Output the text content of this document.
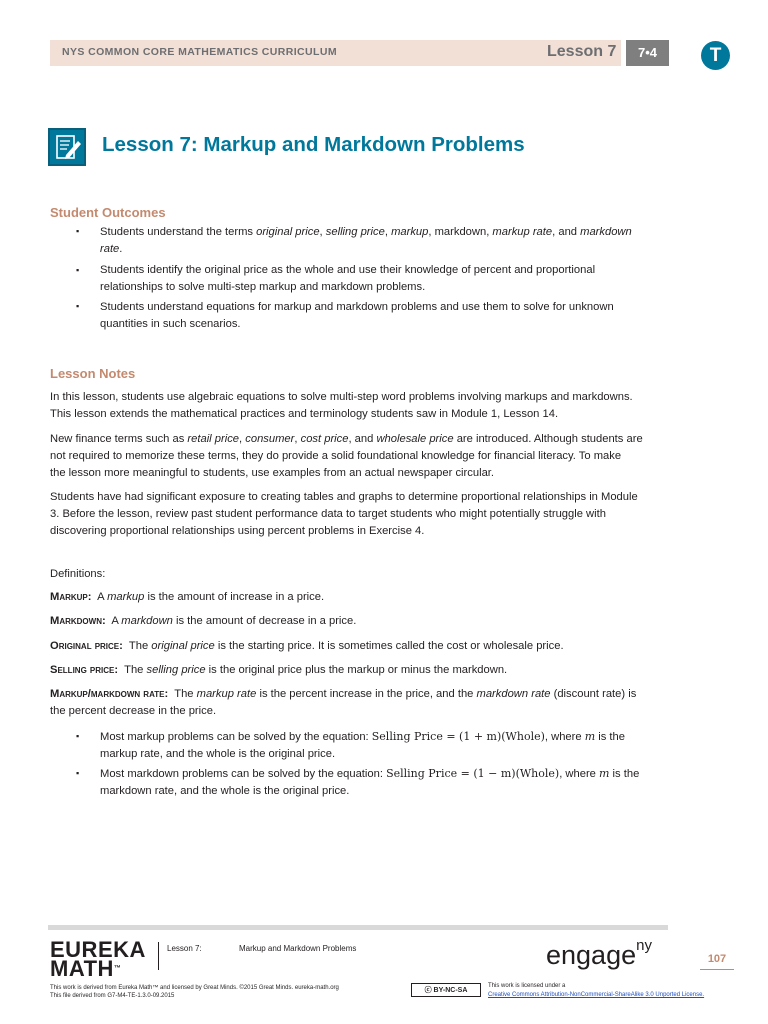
NYS COMMON CORE MATHEMATICS CURRICULUM	Lesson 7	7•4	T
Lesson 7: Markup and Markdown Problems
Student Outcomes
▪ Students understand the terms original price, selling price, markup, markdown, markup rate, and markdown
rate.
▪ Students identify the original price as the whole and use their knowledge of percent and proportional
relationships to solve multi-step markup and markdown problems.
▪ Students understand equations for markup and markdown problems and use them to solve for unknown
quantities in such scenarios.
Lesson Notes
In this lesson, students use algebraic equations to solve multi-step word problems involving markups and markdowns.
This lesson extends the mathematical practices and terminology students saw in Module 1, Lesson 14.
New finance terms such as retail price, consumer, cost price, and wholesale price are introduced. Although students are
not required to memorize these terms, they do provide a solid foundational knowledge for financial literacy. To make
the lesson more meaningful to students, use examples from an actual newspaper circular.
Students have had significant exposure to creating tables and graphs to determine proportional relationships in Module
3. Before the lesson, review past student performance data to target students who might potentially struggle with
discovering proportional relationships using percent problems in Exercise 4.
Definitions:
Markup: A markup is the amount of increase in a price.
Markdown: A markdown is the amount of decrease in a price.
Original price: The original price is the starting price. It is sometimes called the cost or wholesale price.
Selling price: The selling price is the original price plus the markup or minus the markdown.
Markup/markdown rate: The markup rate is the percent increase in the price, and the markdown rate (discount rate) is
the percent decrease in the price.
▪ Most markup problems can be solved by the equation: Selling Price = (1 + m)(Whole), where m is the
markup rate, and the whole is the original price.
▪ Most markdown problems can be solved by the equation: Selling Price = (1 − m)(Whole), where m is the
markdown rate, and the whole is the original price.
EUREKA
MATH™
Lesson 7:	Markup and Markdown Problems	engage$^{ny}$
107
This work is derived from Eureka Math™ and licensed by Great Minds. ©2015 Great Minds. eureka-math.org
This file derived from G7-M4-TE-1.3.0-09.2015
ⓒ BY-NC-SA
This work is licensed under a
Creative Commons Attribution-NonCommercial-ShareAlike 3.0 Unported License.
